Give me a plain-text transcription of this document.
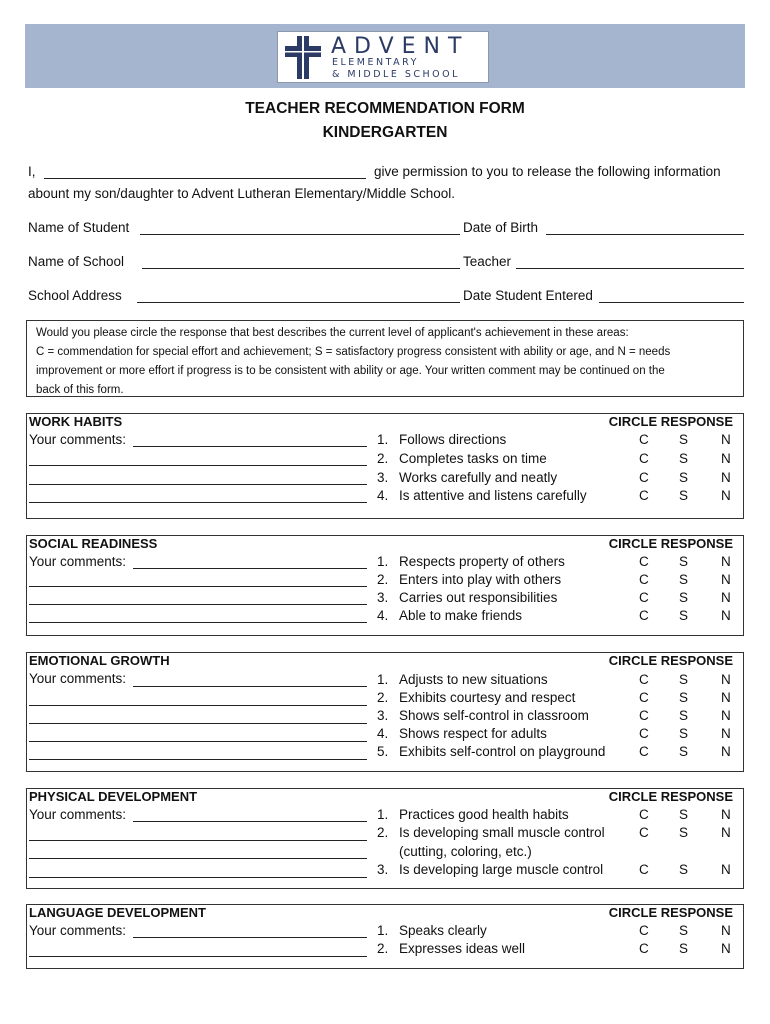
ADVENT
ELEMENTARY
& MIDDLE SCHOOL
TEACHER RECOMMENDATION FORM
KINDERGARTEN
I,	give permission to you to release the following information
abount my son/daughter to Advent Lutheran Elementary/Middle School.
Name of Student	Date of Birth
Name of School	Teacher
School Address	Date Student Entered
Would you please circle the response that best describes the current level of applicant's achievement in these areas:
C = commendation for special effort and achievement; S = satisfactory progress consistent with ability or age, and N = needs
improvement or more effort if progress is to be consistent with ability or age. Your written comment may be continued on the
back of this form.
WORK HABITS	CIRCLE RESPONSE
Your comments:	1. Follows directions	C S N
2. Completes tasks on time	C S N
3. Works carefully and neatly	C S N
4. Is attentive and listens carefully	C S N
SOCIAL READINESS	CIRCLE RESPONSE
Your comments:	1. Respects property of others	C S N
2. Enters into play with others	C S N
3. Carries out responsibilities	C S N
4. Able to make friends	C S N
EMOTIONAL GROWTH	CIRCLE RESPONSE
Your comments:	1. Adjusts to new situations	C S N
2. Exhibits courtesy and respect	C S N
3. Shows self-control in classroom	C S N
4. Shows respect for adults	C S N
5. Exhibits self-control on playground C S N
PHYSICAL DEVELOPMENT	CIRCLE RESPONSE
Your comments:	1. Practices good health habits	C S N
2. Is developing small muscle control	C S N
(cutting, coloring, etc.)
3. Is developing large muscle control	C S N
LANGUAGE DEVELOPMENT	CIRCLE RESPONSE
Your comments:	1. Speaks clearly	C S N
2. Expresses ideas well	C S N
